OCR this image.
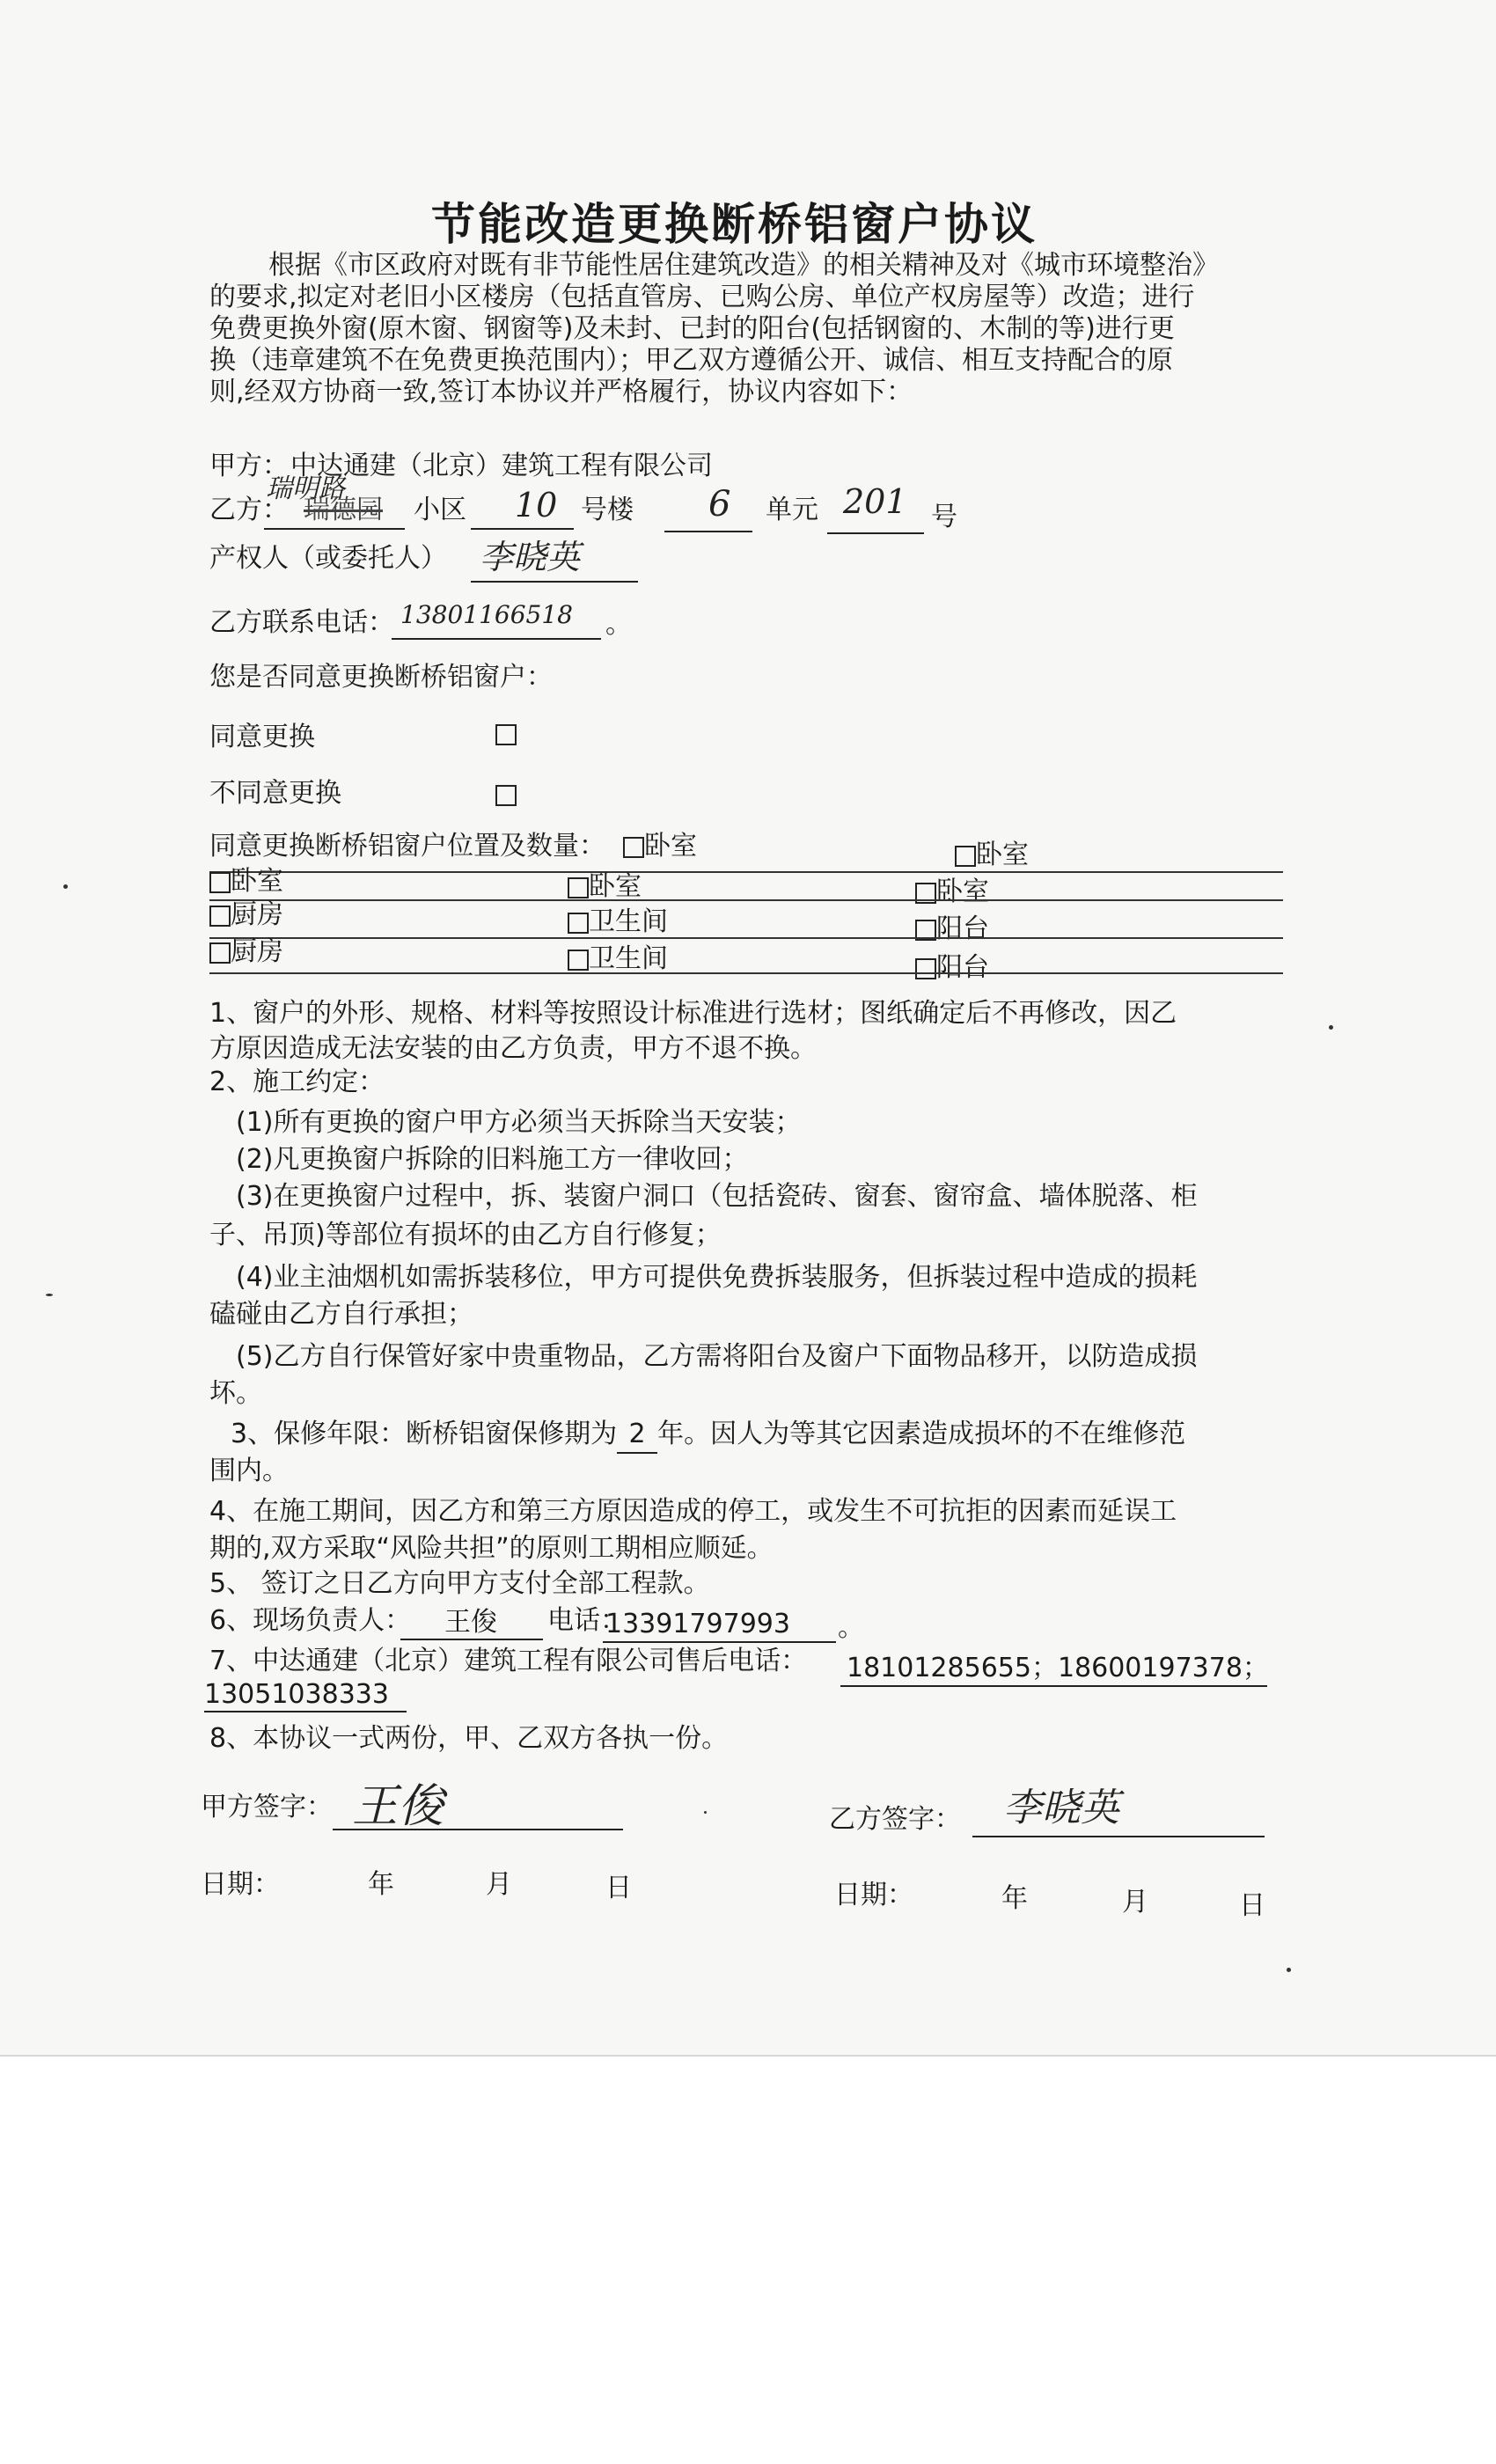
节能改造更换断桥铝窗户协议
根据《市区政府对既有非节能性居住建筑改造》的相关精神及对《城市环境整治》
的要求,拟定对老旧小区楼房（包括直管房、已购公房、单位产权房屋等）改造；进行
免费更换外窗(原木窗、钢窗等)及未封、已封的阳台(包括钢窗的、木制的等)进行更
换（违章建筑不在免费更换范围内）；甲乙双方遵循公开、诚信、相互支持配合的原
则,经双方协商一致,签订本协议并严格履行，协议内容如下：
甲方： 中达通建（北京）建筑工程有限公司
乙方：
瑞明路
瑞德园 小区 10 号楼 6 单元 201 号
产权人（或委托人） 李晓英
乙方联系电话： 13801166518 。
您是否同意更换断桥铝窗户：
同意更换
不同意更换
同意更换断桥铝窗户位置及数量：	卧室	卧室
卧室	卧室	卧室
厨房	卫生间	阳台
厨房	卫生间	阳台
1、窗户的外形、规格、材料等按照设计标准进行选材；图纸确定后不再修改，因乙
方原因造成无法安装的由乙方负责，甲方不退不换。
2、施工约定：
(1)所有更换的窗户甲方必须当天拆除当天安装；
(2)凡更换窗户拆除的旧料施工方一律收回；
(3)在更换窗户过程中，拆、装窗户洞口（包括瓷砖、窗套、窗帘盒、墙体脱落、柜
子、吊顶)等部位有损坏的由乙方自行修复；
(4)业主油烟机如需拆装移位，甲方可提供免费拆装服务，但拆装过程中造成的损耗
磕碰由乙方自行承担；
(5)乙方自行保管好家中贵重物品，乙方需将阳台及窗户下面物品移开，以防造成损
坏。
3、保修年限：断桥铝窗保修期为 2 年。因人为等其它因素造成损坏的不在维修范
围内。
4、在施工期间，因乙方和第三方原因造成的停工，或发生不可抗拒的因素而延误工
期的,双方采取“风险共担”的原则工期相应顺延。
5、 签订之日乙方向甲方支付全部工程款。
6、现场负责人： 王俊 电话：
13391797993 。
7、中达通建（北京）建筑工程有限公司售后电话： 18101285655；18600197378；
13051038333
8、本协议一式两份，甲、乙双方各执一份。
甲方签字： 王俊	乙方签字： 李晓英
日期：	年	月	日	日期：	年	月	日
